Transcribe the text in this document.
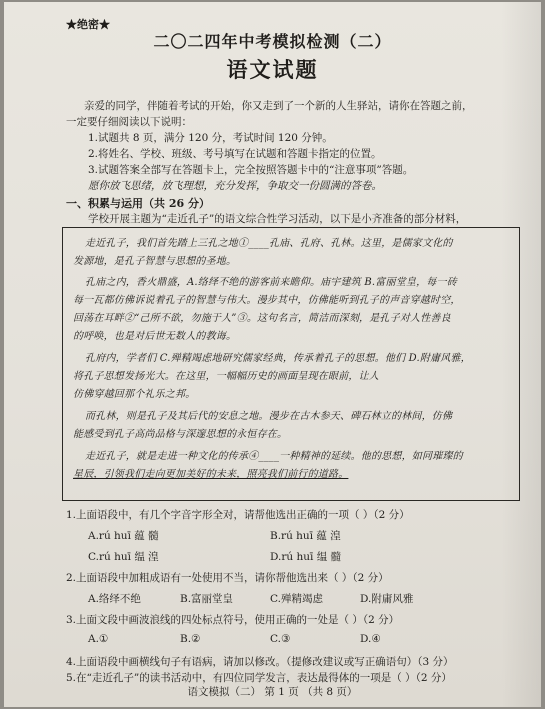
★绝密★
二〇二四年中考模拟检测（二）
语文试题
亲爱的同学，伴随着考试的开始，你又走到了一个新的人生驿站，请你在答题之前，
一定要仔细阅读以下说明：
1.试题共 8 页，满分 120 分，考试时间 120 分钟。
2.将姓名、学校、班级、考号填写在试题和答题卡指定的位置。
3.试题答案全部写在答题卡上，完全按照答题卡中的“注意事项”答题。
愿你放飞思绪，放飞理想，充分发挥，争取交一份圆满的答卷。
一、积累与运用（共 26 分）
学校开展主题为“走近孔子”的语文综合性学习活动，以下是小齐准备的部分材料，
走近孔子，我们首先踏上三孔之地①____孔庙、孔府、孔林。这里，是儒家文化的
发源地，是孔子智慧与思想的圣地。
孔庙之内，香火鼎盛，A.络绎不绝的游客前来瞻仰。庙宇建筑 B.富丽堂皇，每一砖
每一瓦都仿佛诉说着孔子的智慧与伟大。漫步其中，仿佛能听到孔子的声音穿越时空，
回荡在耳畔②“己所不欲，勿施于人”③。这句名言，简洁而深刻，是孔子对人性善良
的呼唤，也是对后世无数人的教诲。
孔府内，学者们 C.殚精竭虑地研究儒家经典，传承着孔子的思想。他们 D.附庸风雅，
将孔子思想发扬光大。在这里，一幅幅历史的画面呈现在眼前，让人
仿佛穿越回那个礼乐之邦。
而孔林，则是孔子及其后代的安息之地。漫步在古木参天、碑石林立的林间，仿佛
能感受到孔子高尚品格与深邃思想的永恒存在。
走近孔子，就是走进一种文化的传承④____一种精神的延续。他的思想，如同璀璨的
星辰，引领我们走向更加美好的未来，照亮我们前行的道路。
1.上面语段中，有几个字音字形全对，请帮他选出正确的一项（ ）（2 分）
A.rú huī 蕴 髓	B.rú huī 蕴 湟
C.rú huī 缊 湟	D.rú huī 缊 髓
2.上面语段中加粗成语有一处使用不当，请你帮他选出来（ ）（2 分）
A.络绎不绝	B.富丽堂皇	C.殚精竭虑	D.附庸风雅
3.上面文段中画波浪线的四处标点符号，使用正确的一处是（ ）（2 分）
A.①	B.②	C.③	D.④
4.上面语段中画横线句子有语病，请加以修改。（提修改建议或写正确语句）（3 分）
5.在“走近孔子”的读书活动中，有四位同学发言，表达最得体的一项是（ ）（2 分）
语文模拟（二） 第 1 页 （共 8 页）
